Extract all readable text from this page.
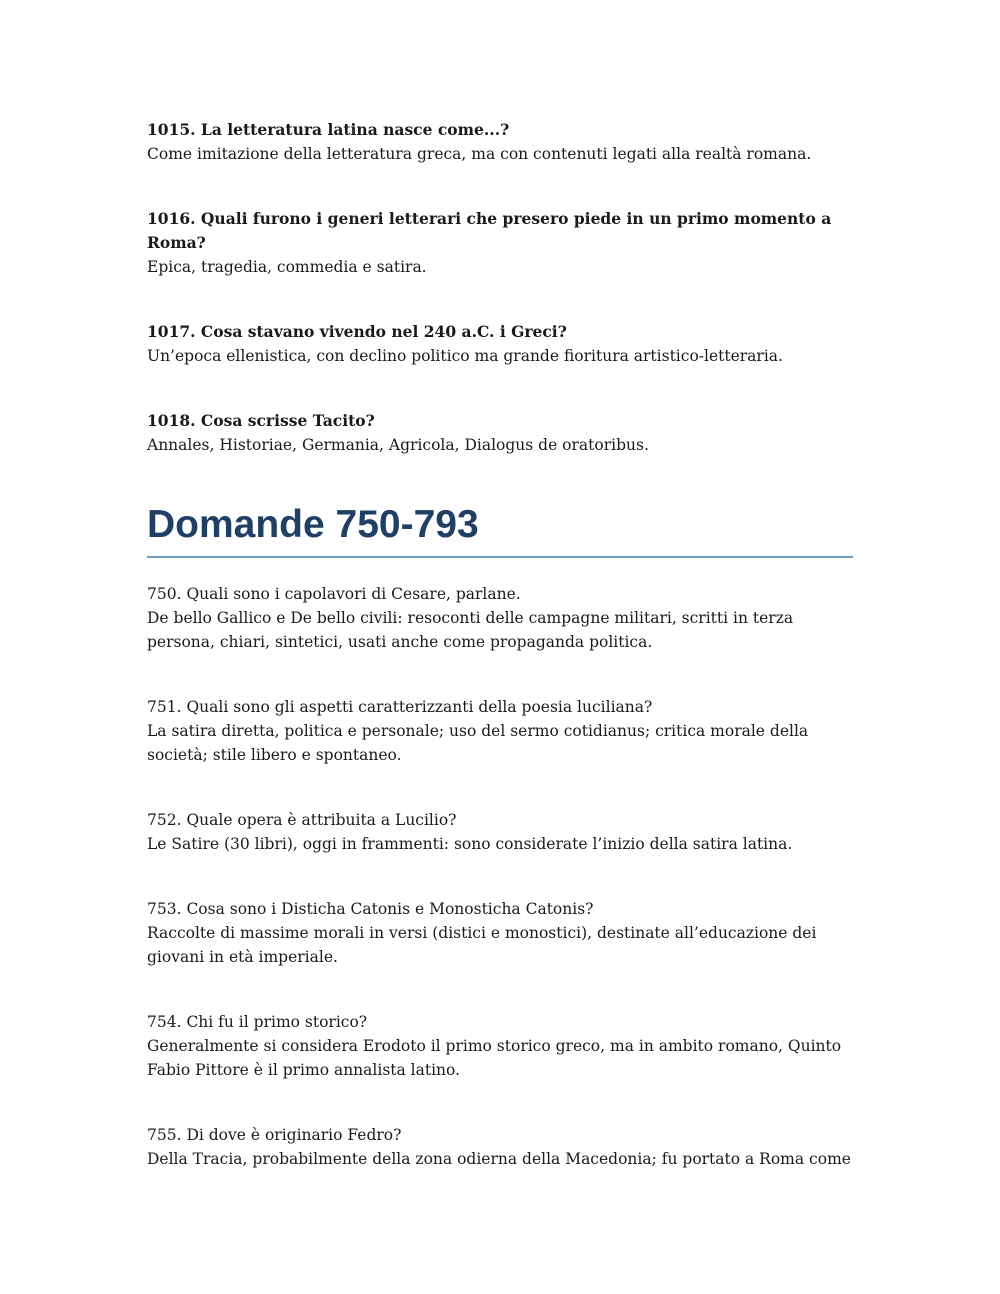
1015. La letteratura latina nasce come...?

Come imitazione della letteratura greca, ma con contenuti legati alla realtà romana.

1016. Quali furono i generi letterari che presero piede in un primo momento a Roma?

Epica, tragedia, commedia e satira.

1017. Cosa stavano vivendo nel 240 a.C. i Greci?

Un’epoca ellenistica, con declino politico ma grande fioritura artistico-letteraria.

1018. Cosa scrisse Tacito?

Annales, Historiae, Germania, Agricola, Dialogus de oratoribus.

Domande 750-793

750. Quali sono i capolavori di Cesare, parlane.

De bello Gallico e De bello civili: resoconti delle campagne militari, scritti in terza persona, chiari, sintetici, usati anche come propaganda politica.

751. Quali sono gli aspetti caratterizzanti della poesia luciliana?

La satira diretta, politica e personale; uso del sermo cotidianus; critica morale della società; stile libero e spontaneo.

752. Quale opera è attribuita a Lucilio?

Le Satire (30 libri), oggi in frammenti: sono considerate l’inizio della satira latina.

753. Cosa sono i Disticha Catonis e Monosticha Catonis?

Raccolte di massime morali in versi (distici e monostici), destinate all’educazione dei giovani in età imperiale.

754. Chi fu il primo storico?

Generalmente si considera Erodoto il primo storico greco, ma in ambito romano, Quinto Fabio Pittore è il primo annalista latino.

755. Di dove è originario Fedro?

Della Tracia, probabilmente della zona odierna della Macedonia; fu portato a Roma come
